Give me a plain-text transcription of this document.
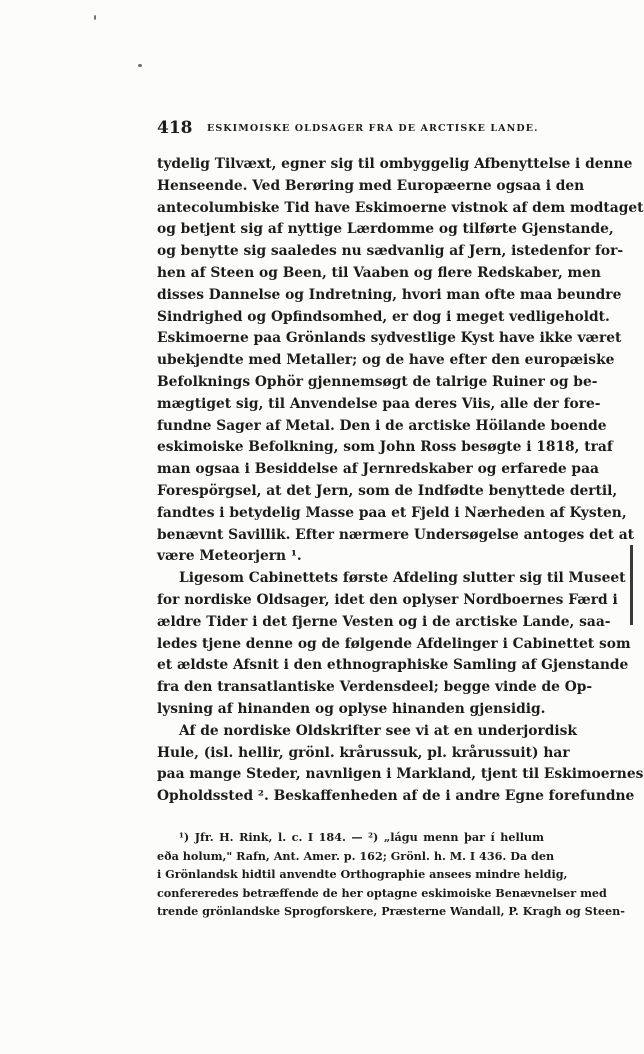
418 ESKIMOISKE OLDSAGER FRA DE ARCTISKE LANDE.
tydelig Tilvæxt, egner sig til ombyggelig Afbenyttelse i denne
Henseende. Ved Berøring med Europæerne ogsaa i den
antecolumbiske Tid have Eskimoerne vistnok af dem modtaget
og betjent sig af nyttige Lærdomme og tilførte Gjenstande,
og benytte sig saaledes nu sædvanlig af Jern, istedenfor for-
hen af Steen og Been, til Vaaben og flere Redskaber, men
disses Dannelse og Indretning, hvori man ofte maa beundre
Sindrighed og Opfindsomhed, er dog i meget vedligeholdt.
Eskimoerne paa Grönlands sydvestlige Kyst have ikke været
ubekjendte med Metaller; og de have efter den europæiske
Befolknings Ophör gjennemsøgt de talrige Ruiner og be-
mægtiget sig, til Anvendelse paa deres Viis, alle der fore-
fundne Sager af Metal. Den i de arctiske Höilande boende
eskimoiske Befolkning, som John Ross besøgte i 1818, traf
man ogsaa i Besiddelse af Jernredskaber og erfarede paa
Forespörgsel, at det Jern, som de Indfødte benyttede dertil,
fandtes i betydelig Masse paa et Fjeld i Nærheden af Kysten,
benævnt Savillik. Efter nærmere Undersøgelse antoges det at
være Meteorjern ¹.
Ligesom Cabinettets første Afdeling slutter sig til Museet
for nordiske Oldsager, idet den oplyser Nordboernes Færd i
ældre Tider i det fjerne Vesten og i de arctiske Lande, saa-
ledes tjene denne og de følgende Afdelinger i Cabinettet som
et ældste Afsnit i den ethnographiske Samling af Gjenstande
fra den transatlantiske Verdensdeel; begge vinde de Op-
lysning af hinanden og oplyse hinanden gjensidig.
Af de nordiske Oldskrifter see vi at en underjordisk
Hule, (isl. hellir, grönl. krårussuk, pl. krårussuit) har
paa mange Steder, navnligen i Markland, tjent til Eskimoernes
Opholdssted ². Beskaffenheden af de i andre Egne forefundne
¹) Jfr. H. Rink, l. c. I 184. — ²) „lágu menn þar í hellum
eða holum," Rafn, Ant. Amer. p. 162; Grönl. h. M. I 436. Da den
i Grönlandsk hidtil anvendte Orthographie ansees mindre heldig,
confereredes betræffende de her optagne eskimoiske Benævnelser med
trende grönlandske Sprogforskere, Præsterne Wandall, P. Kragh og Steen-
